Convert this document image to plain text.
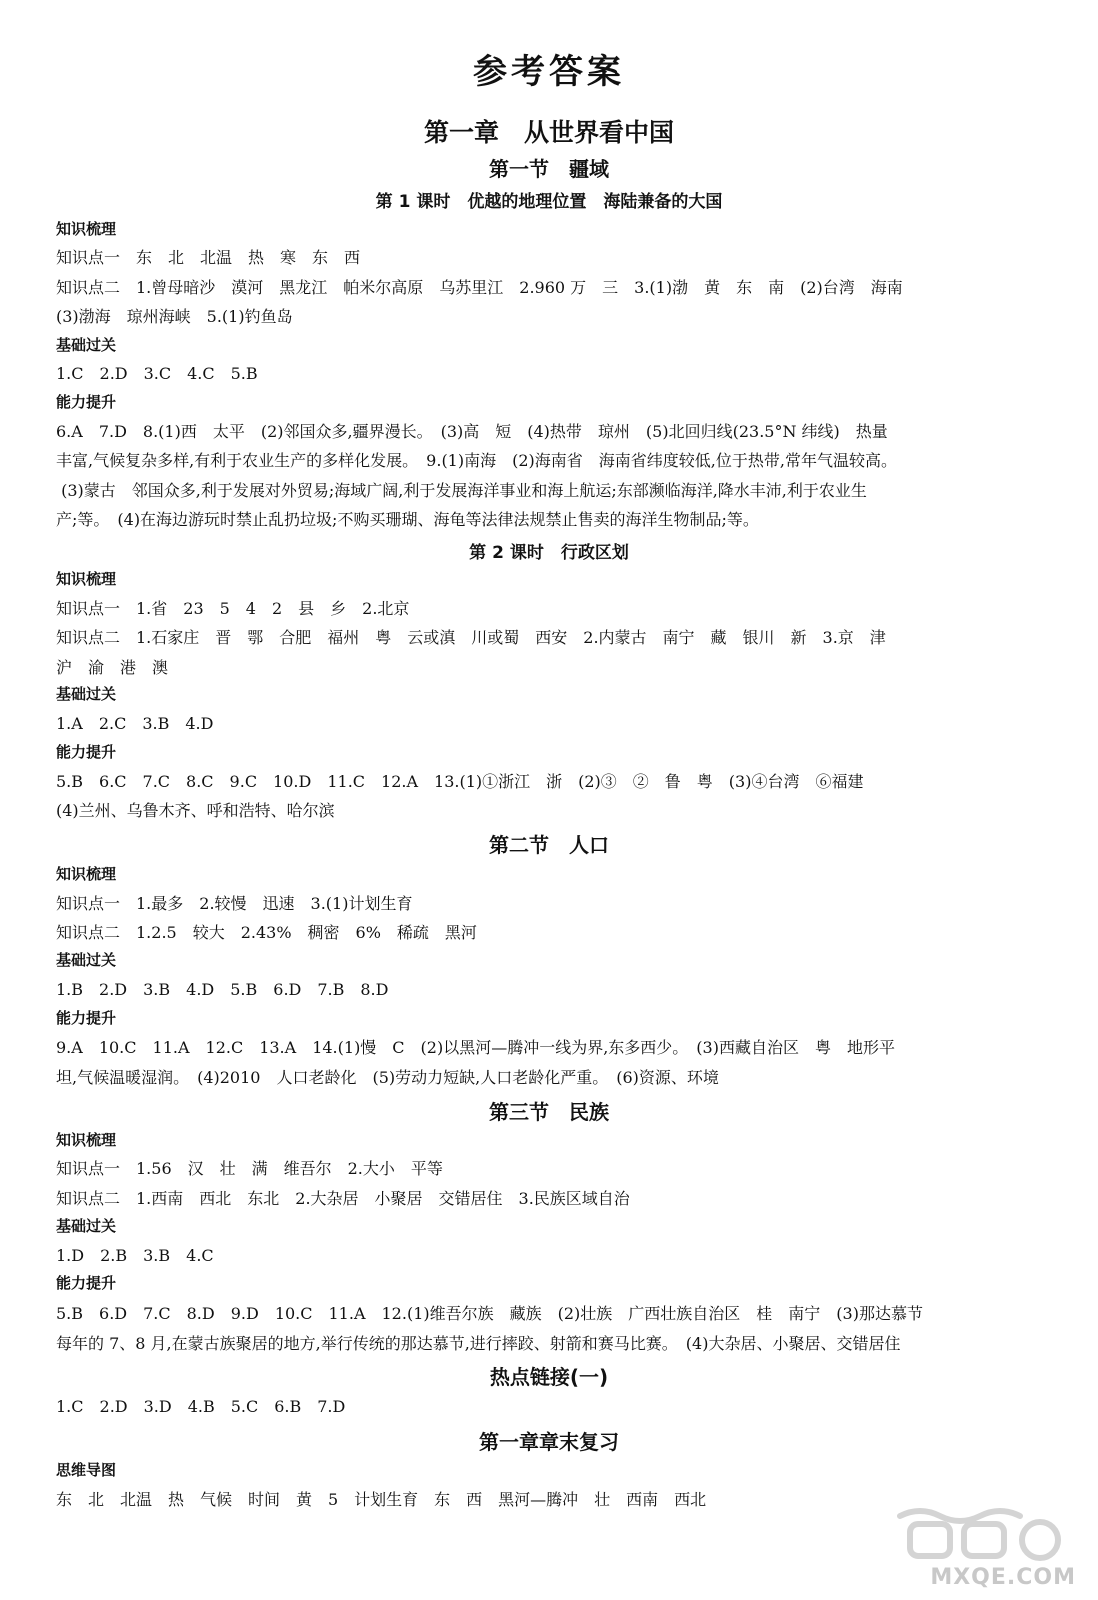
参考答案
第一章　从世界看中国
第一节　疆域
第 1 课时　优越的地理位置　海陆兼备的大国
知识梳理
知识点一　东　北　北温　热　寒　东　西
知识点二　1.曾母暗沙　漠河　黑龙江　帕米尔高原　乌苏里江　2.960 万　三　3.(1)渤　黄　东　南　(2)台湾　海南
(3)渤海　琼州海峡　5.(1)钓鱼岛
基础过关
1.C　2.D　3.C　4.C　5.B
能力提升
6.A　7.D　8.(1)西　太平　(2)邻国众多,疆界漫长。　(3)高　短　(4)热带　琼州　(5)北回归线(23.5°N 纬线)　热量
丰富,气候复杂多样,有利于农业生产的多样化发展。　9.(1)南海　(2)海南省　海南省纬度较低,位于热带,常年气温较高。
(3)蒙古　邻国众多,利于发展对外贸易;海域广阔,利于发展海洋事业和海上航运;东部濒临海洋,降水丰沛,利于农业生
产;等。　(4)在海边游玩时禁止乱扔垃圾;不购买珊瑚、海龟等法律法规禁止售卖的海洋生物制品;等。
第 2 课时　行政区划
知识梳理
知识点一　1.省　23　5　4　2　县　乡　2.北京
知识点二　1.石家庄　晋　鄂　合肥　福州　粤　云或滇　川或蜀　西安　2.内蒙古　南宁　藏　银川　新　3.京　津
沪　渝　港　澳
基础过关
1.A　2.C　3.B　4.D
能力提升
5.B　6.C　7.C　8.C　9.C　10.D　11.C　12.A　13.(1)①浙江　浙　(2)③　②　鲁　粤　(3)④台湾　⑥福建
(4)兰州、乌鲁木齐、呼和浩特、哈尔滨
第二节　人口
知识梳理
知识点一　1.最多　2.较慢　迅速　3.(1)计划生育
知识点二　1.2.5　较大　2.43%　稠密　6%　稀疏　黑河
基础过关
1.B　2.D　3.B　4.D　5.B　6.D　7.B　8.D
能力提升
9.A　10.C　11.A　12.C　13.A　14.(1)慢　C　(2)以黑河—腾冲一线为界,东多西少。　(3)西藏自治区　粤　地形平
坦,气候温暖湿润。　(4)2010　人口老龄化　(5)劳动力短缺,人口老龄化严重。　(6)资源、环境
第三节　民族
知识梳理
知识点一　1.56　汉　壮　满　维吾尔　2.大小　平等
知识点二　1.西南　西北　东北　2.大杂居　小聚居　交错居住　3.民族区域自治
基础过关
1.D　2.B　3.B　4.C
能力提升
5.B　6.D　7.C　8.D　9.D　10.C　11.A　12.(1)维吾尔族　藏族　(2)壮族　广西壮族自治区　桂　南宁　(3)那达慕节
每年的 7、8 月,在蒙古族聚居的地方,举行传统的那达慕节,进行摔跤、射箭和赛马比赛。　(4)大杂居、小聚居、交错居住
热点链接(一)
1.C　2.D　3.D　4.B　5.C　6.B　7.D
第一章章末复习
思维导图
东　北　北温　热　气候　时间　黄　5　计划生育　东　西　黑河—腾冲　壮　西南　西北
MXQE.COM
